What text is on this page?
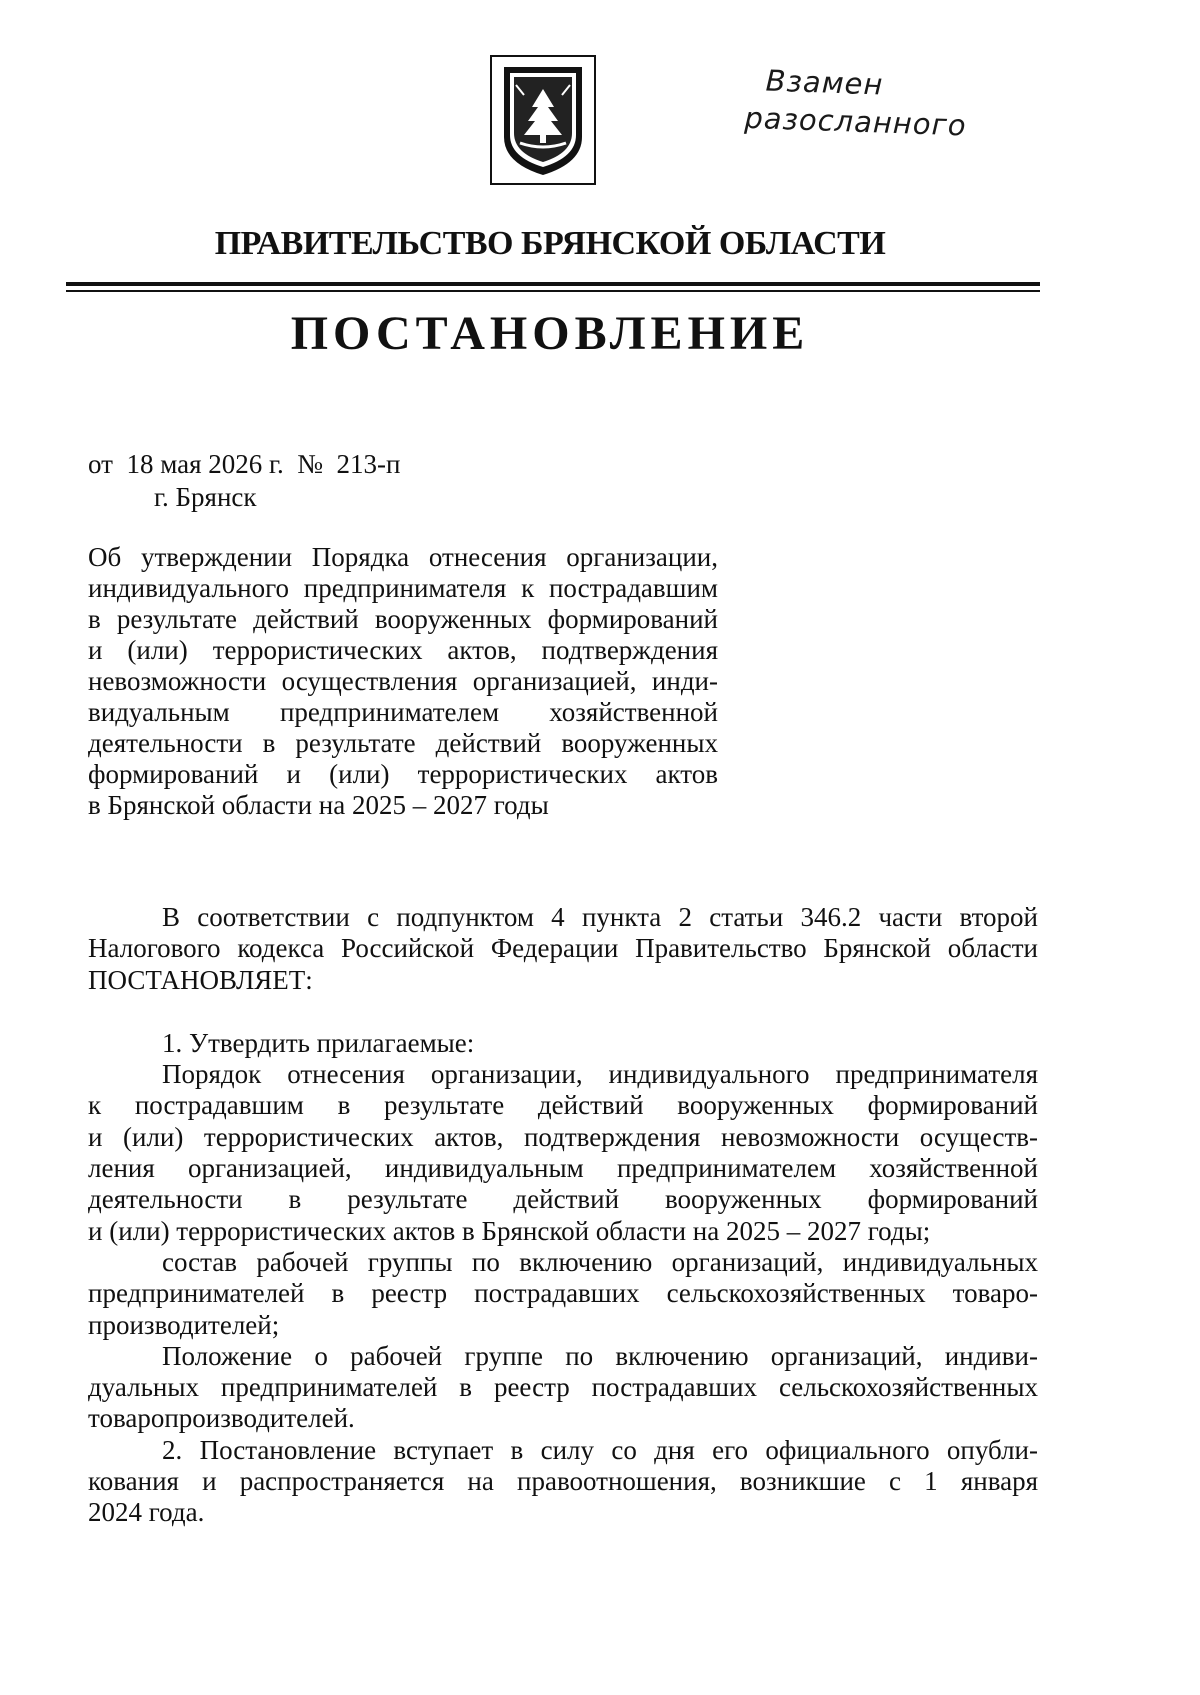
Взамен
разосланного
ПРАВИТЕЛЬСТВО БРЯНСКОЙ ОБЛАСТИ
ПОСТАНОВЛЕНИЕ
от  18 мая 2026 г.  №  213-п
г. Брянск
Об утверждении Порядка отнесения организации,
индивидуального предпринимателя к пострадавшим
в результате действий вооруженных формирований
и (или) террористических актов, подтверждения
невозможности осуществления организацией, инди-
видуальным предпринимателем хозяйственной
деятельности в результате действий вооруженных
формирований и (или) террористических актов
в Брянской области на 2025 – 2027 годы
В соответствии с подпунктом 4 пункта 2 статьи 346.2 части второй
Налогового кодекса Российской Федерации Правительство Брянской области
ПОСТАНОВЛЯЕТ:
1. Утвердить прилагаемые:
Порядок отнесения организации, индивидуального предпринимателя
к пострадавшим в результате действий вооруженных формирований
и (или) террористических актов, подтверждения невозможности осуществ-
ления организацией, индивидуальным предпринимателем хозяйственной
деятельности в результате действий вооруженных формирований
и (или) террористических актов в Брянской области на 2025 – 2027 годы;
состав рабочей группы по включению организаций, индивидуальных
предпринимателей в реестр пострадавших сельскохозяйственных товаро-
производителей;
Положение о рабочей группе по включению организаций, индиви-
дуальных предпринимателей в реестр пострадавших сельскохозяйственных
товаропроизводителей.
2. Постановление вступает в силу со дня его официального опубли-
кования и распространяется на правоотношения, возникшие с 1 января
2024 года.
